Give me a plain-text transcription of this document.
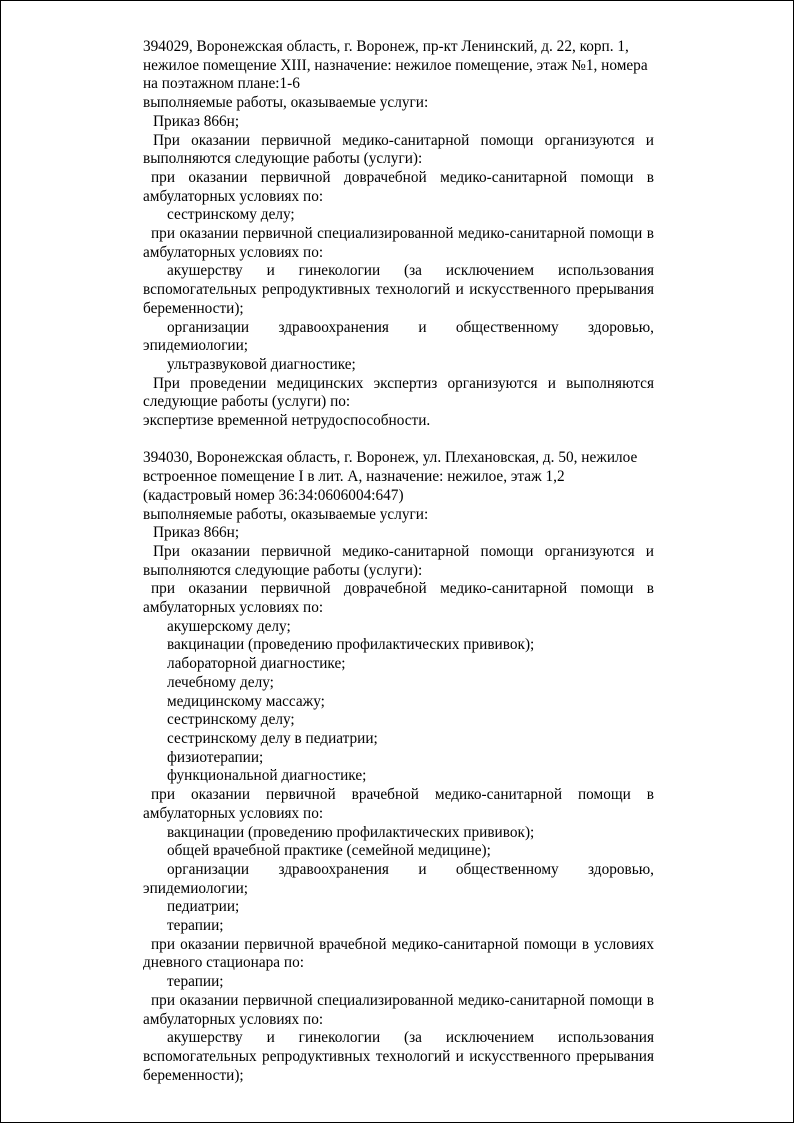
394029, Воронежская область, г. Воронеж, пр-кт Ленинский, д. 22, корп. 1, нежилое помещение XIII, назначение: нежилое помещение, этаж №1, номера на поэтажном плане:1-6

выполняемые работы, оказываемые услуги:

Приказ 866н;

При оказании первичной медико-санитарной помощи организуются и выполняются следующие работы (услуги):

при оказании первичной доврачебной медико-санитарной помощи в амбулаторных условиях по:

сестринскому делу;

при оказании первичной специализированной медико-санитарной помощи в амбулаторных условиях по:

акушерству и гинекологии (за исключением использования вспомогательных репродуктивных технологий и искусственного прерывания беременности);

организации здравоохранения и общественному здоровью, эпидемиологии;

ультразвуковой диагностике;

При проведении медицинских экспертиз организуются и выполняются следующие работы (услуги) по:

экспертизе временной нетрудоспособности.

394030, Воронежская область, г. Воронеж, ул. Плехановская, д. 50, нежилое встроенное помещение I в лит. А, назначение: нежилое, этаж 1,2 (кадастровый номер 36:34:0606004:647)

выполняемые работы, оказываемые услуги:

Приказ 866н;

При оказании первичной медико-санитарной помощи организуются и выполняются следующие работы (услуги):

при оказании первичной доврачебной медико-санитарной помощи в амбулаторных условиях по:

акушерскому делу;

вакцинации (проведению профилактических прививок);

лабораторной диагностике;

лечебному делу;

медицинскому массажу;

сестринскому делу;

сестринскому делу в педиатрии;

физиотерапии;

функциональной диагностике;

при оказании первичной врачебной медико-санитарной помощи в амбулаторных условиях по:

вакцинации (проведению профилактических прививок);

общей врачебной практике (семейной медицине);

организации здравоохранения и общественному здоровью, эпидемиологии;

педиатрии;

терапии;

при оказании первичной врачебной медико-санитарной помощи в условиях дневного стационара по:

терапии;

при оказании первичной специализированной медико-санитарной помощи в амбулаторных условиях по:

акушерству и гинекологии (за исключением использования вспомогательных репродуктивных технологий и искусственного прерывания беременности);
